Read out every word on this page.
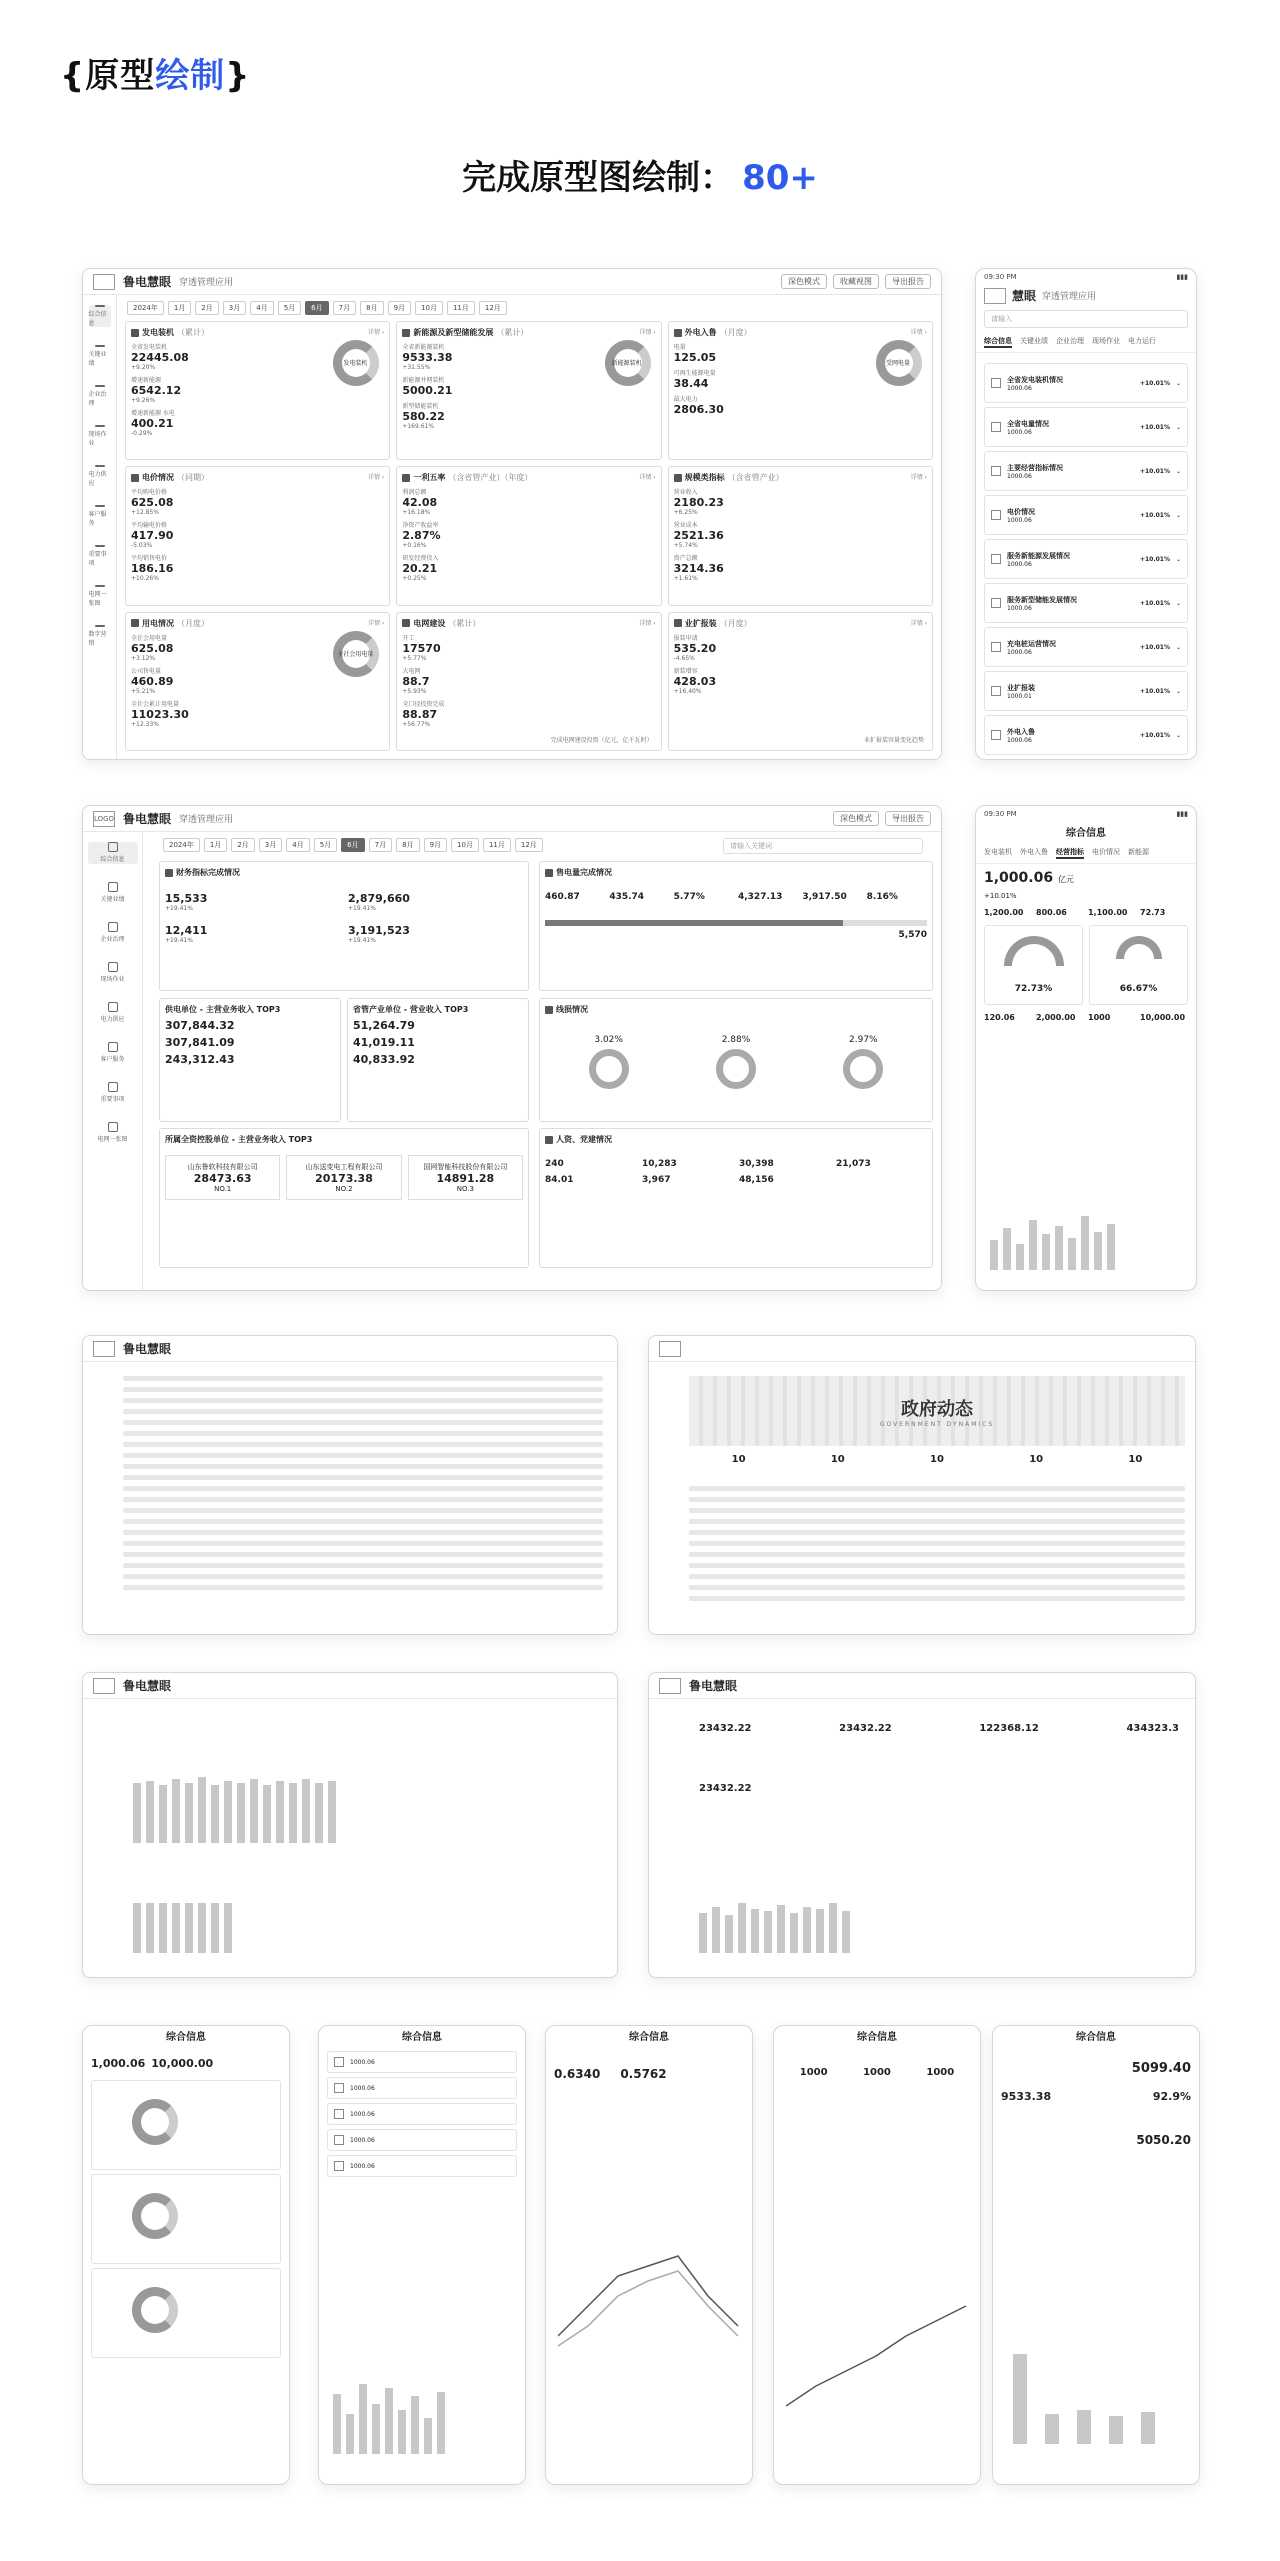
{原型绘制}
完成原型图绘制： 80+
鲁电慧眼 穿透管理应用	深色模式	收藏视图	导出报告
综合信息
关键业绩
企业治理
现场作业
电力供应
客户服务
重要事项
电网一张图
数字营销
2024年	1月	2月	3月	4月	5月	6月	7月	8月	9月	10月	11月	12月
发电装机 （累计）
全省发电装机
22445.08
+9.20%
增速新能源
6542.12
+9.26%
增速新能源 水电
400.21
-0.29%
发电装机
详情 ›	新能源及新型储能发展 （累计）
全省新能源装机
9533.38
+31.55%
新能源并网装机
5000.21
新型储能装机
580.22
+169.61%
新能源装机
详情 ›	外电入鲁 （月度）
电量
125.05
可再生能源电量
38.44
最大电力
2806.30
受网电量
详情 ›
电价情况 （同期）
平均购电价格
625.08
+12.85%
平均输电价格
417.90
-5.03%
平均销售电价
186.16
+10.26%
详情 ›	一利五率 （含省管产业）（年度）
利润总额
42.08
+16.18%
净资产收益率
2.87%
+0.16%
研发经费投入
20.21
+0.25%
详情 ›	规模类指标 （含省管产业）
营业收入
2180.23
+6.25%
营业成本
2521.36
+5.74%
资产总额
3214.36
+1.61%
详情 ›
用电情况 （月度）
全社会用电量
625.08
+3.12%
公司售电量
460.89
+5.21%
全社会累计用电量
11023.30
+12.33%
全社会用电量
详情 ›	电网建设 （累计）
开工
17570
+5.77%
大电网
88.7
+5.93%
全口径投资完成
88.87
+56.77%
完成电网建设投资（亿元，亿千瓦时）
详情 ›	业扩报装 （月度）
报装申请
535.20
-4.65%
新装增容
428.03
+16.40%
业扩报装容量变化趋势
详情 ›
09:30 PM	▮▮▮
慧眼 穿透管理应用
请输入
综合信息 关键业绩 企业治理 现场作业 电力运行
全省发电装机情况
1000.06
+10.01% ⌄
全省电量情况
1000.06
+10.01% ⌄
主要经营指标情况
1000.06
+10.01% ⌄
电价情况
1000.06
+10.01% ⌄
服务新能源发展情况
1000.06
+10.01% ⌄
服务新型储能发展情况
1000.06
+10.01% ⌄
充电桩运营情况
1000.06
+10.01% ⌄
业扩报装
1000.01
+10.01% ⌄
外电入鲁
1000.06
+10.01% ⌄
LOGO 鲁电慧眼 穿透管理应用	深色模式	导出报告
综合信息
关键业绩
企业治理
现场作业
电力供应
客户服务
重要事项
电网一张图
2024年	1月	2月	3月	4月	5月	6月	7月	8月	9月	10月	11月	12月	请输入关键词
财务指标完成情况
15,533
+19.41%
2,879,660
+19.41%
12,411
+19.41%
3,191,523
+19.41%
供电单位 - 主营业务收入 TOP3
307,844.32
307,841.09
243,312.43
省管产业单位 - 营业收入 TOP3
51,264.79
41,019.11
40,833.92
所属全资控股单位 - 主营业务收入 TOP3
山东鲁软科技有限公司
28473.63
NO.1
山东送变电工程有限公司
20173.38
NO.2
国网智能科技股份有限公司
14891.28
NO.3
售电量完成情况
460.87	435.74	5.77%	4,327.13	3,917.50	8.16%
5,570
线损情况
3.02%	2.88%	2.97%
人资、党建情况
240	10,283	30,398	21,073
84.01	3,967	48,156
09:30 PM	▮▮▮
综合信息
发电装机 外电入鲁 经营指标 电价情况 新能源
1,000.06 亿元
+10.01%
1,200.00	800.06	1,100.00	72.73
72.73%	66.67%
120.06	2,000.00	1000	10,000.00
鲁电慧眼
政府动态
GOVERNMENT DYNAMICS
10	10	10	10	10
鲁电慧眼	鲁电慧眼
23432.22	23432.22	122368.12	434323.3
23432.22
综合信息
1,000.06 10,000.00
综合信息
1000.06
1000.06
1000.06
1000.06
1000.06
综合信息
0.6340 0.5762
综合信息
1000	1000	1000
综合信息
5099.40
9533.38	92.9%
5050.20
